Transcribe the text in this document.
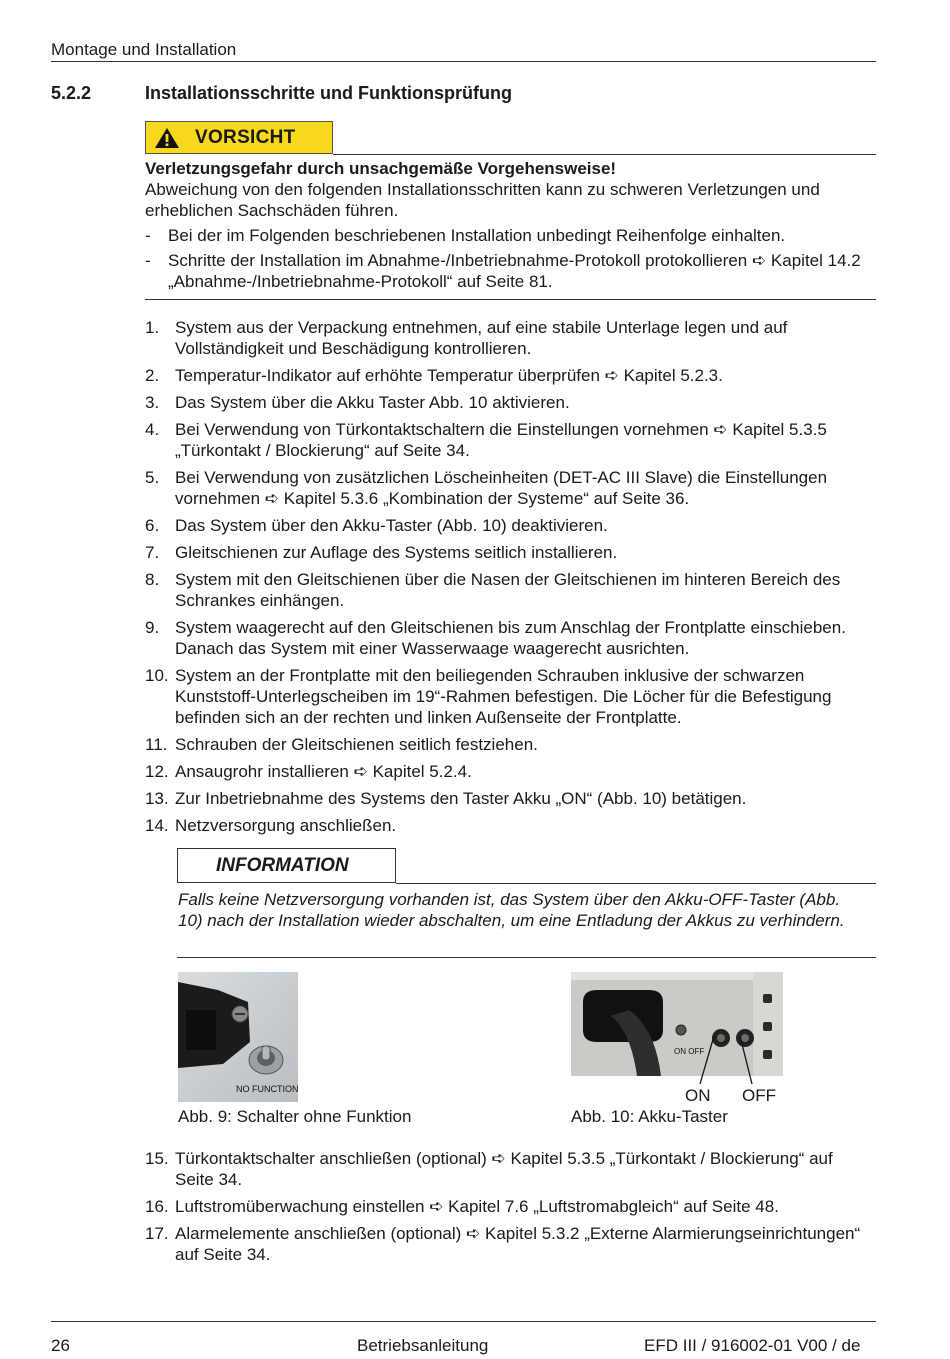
Montage und Installation
5.2.2	Installationsschritte und Funktionsprüfung
VORSICHT
Verletzungsgefahr durch unsachgemäße Vorgehensweise!
Abweichung von den folgenden Installationsschritten kann zu schweren Verletzungen und erheblichen Sachschäden führen.
- Bei der im Folgenden beschriebenen Installation unbedingt Reihenfolge einhalten.
- Schritte der Installation im Abnahme-/Inbetriebnahme-Protokoll protokollieren ➪ Kapitel 14.2 „Abnahme-/Inbetriebnahme-Protokoll“ auf Seite 81.
1. System aus der Verpackung entnehmen, auf eine stabile Unterlage legen und auf Vollständigkeit und Beschädigung kontrollieren.
2. Temperatur-Indikator auf erhöhte Temperatur überprüfen ➪ Kapitel 5.2.3.
3. Das System über die Akku Taster Abb. 10 aktivieren.
4. Bei Verwendung von Türkontaktschaltern die Einstellungen vornehmen ➪ Kapitel 5.3.5 „Türkontakt / Blockierung“ auf Seite 34.
5. Bei Verwendung von zusätzlichen Löscheinheiten (DET-AC III Slave) die Einstellungen vornehmen ➪ Kapitel 5.3.6 „Kombination der Systeme“ auf Seite 36.
6. Das System über den Akku-Taster (Abb. 10) deaktivieren.
7. Gleitschienen zur Auflage des Systems seitlich installieren.
8. System mit den Gleitschienen über die Nasen der Gleitschienen im hinteren Bereich des Schrankes einhängen.
9. System waagerecht auf den Gleitschienen bis zum Anschlag der Frontplatte einschieben. Danach das System mit einer Wasserwaage waagerecht ausrichten.
10. System an der Frontplatte mit den beiliegenden Schrauben inklusive der schwarzen Kunststoff-Unterlegscheiben im 19“-Rahmen befestigen. Die Löcher für die Befestigung befinden sich an der rechten und linken Außenseite der Frontplatte.
11. Schrauben der Gleitschienen seitlich festziehen.
12. Ansaugrohr installieren ➪ Kapitel 5.2.4.
13. Zur Inbetriebnahme des Systems den Taster Akku „ON“ (Abb. 10) betätigen.
14. Netzversorgung anschließen.
INFORMATION
Falls keine Netzversorgung vorhanden ist, das System über den Akku-OFF-Taster (Abb. 10) nach der Installation wieder abschalten, um eine Entladung der Akkus zu verhindern.
NO FUNCTION
Abb. 9: Schalter ohne Funktion
ON OFF
ON OFF
Abb. 10: Akku-Taster
15. Türkontaktschalter anschließen (optional) ➪ Kapitel 5.3.5 „Türkontakt / Blockierung“ auf Seite 34.
16. Luftstromüberwachung einstellen ➪ Kapitel 7.6 „Luftstromabgleich“ auf Seite 48.
17. Alarmelemente anschließen (optional) ➪ Kapitel 5.3.2 „Externe Alarmierungseinrichtungen“ auf Seite 34.
26	Betriebsanleitung	EFD III / 916002-01 V00 / de
